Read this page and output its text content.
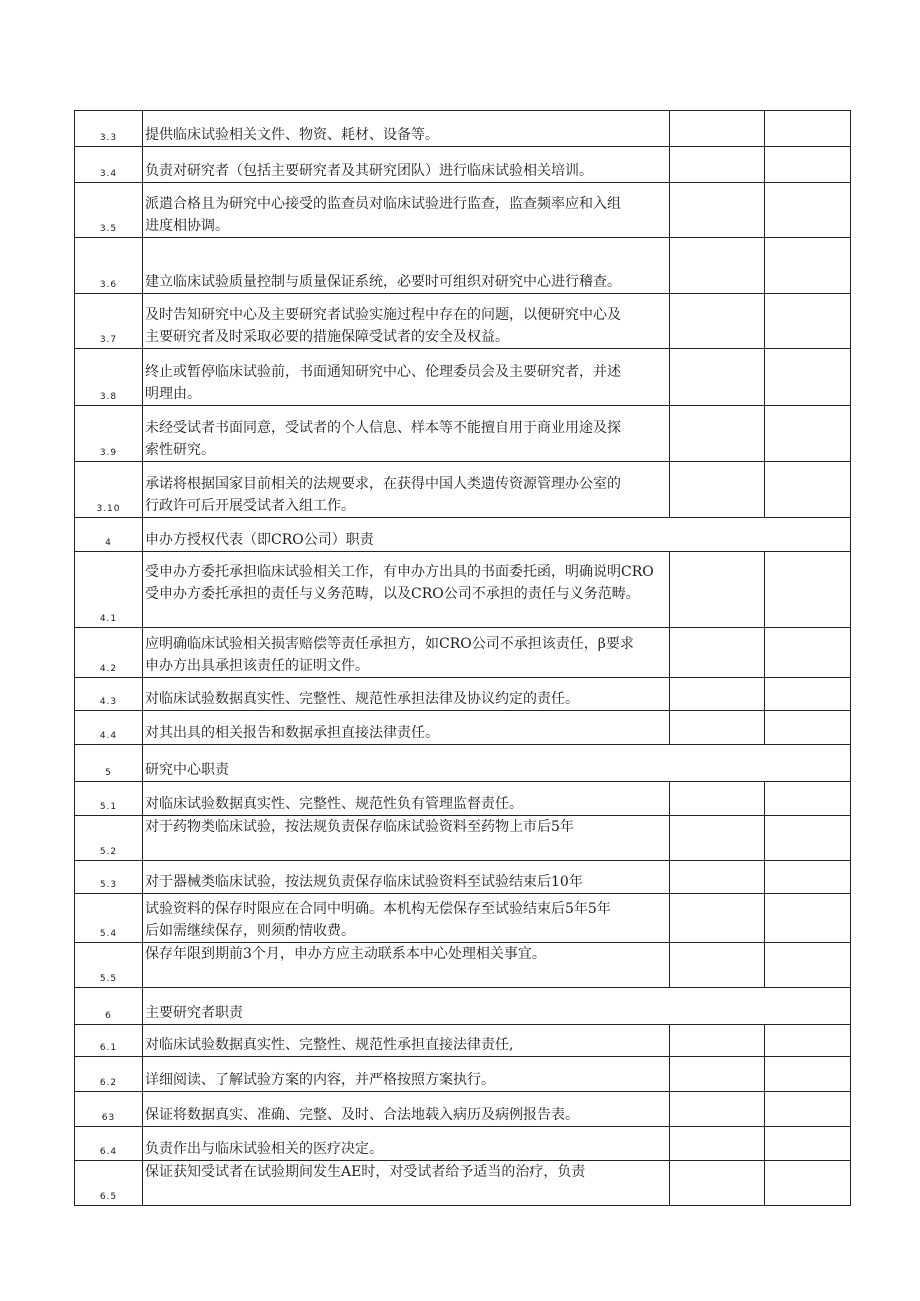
3.3	提供临床试验相关文件、物资、耗材、设备等。			

3.4	负责对研究者（包括主要研究者及其研究团队）进行临床试验相关培训。			

3.5	派遣合格且为研究中心接受的监查员对临床试验进行监查，监查频率应和入组
进度相协调。			

3.6	建立临床试验质量控制与质量保证系统，必要时可组织对研究中心进行稽查。			

3.7	及时告知研究中心及主要研究者试验实施过程中存在的问题，以便研究中心及
主要研究者及时采取必要的措施保障受试者的安全及权益。			

3.8	终止或暂停临床试验前，书面通知研究中心、伦理委员会及主要研究者，并述
明理由。			

3.9	未经受试者书面同意，受试者的个人信息、样本等不能擅自用于商业用途及探
索性研究。			

3.10	承诺将根据国家目前相关的法规要求，在获得中国人类遗传资源管理办公室的
行政许可后开展受试者入组工作。			

4	申办方授权代表（即CRO公司）职责			

4.1	受申办方委托承担临床试验相关工作，有申办方出具的书面委托函，明确说明CRO
受申办方委托承担的责任与义务范畴，以及CRO公司不承担的责任与义务范畴。			

4.2	应明确临床试验相关损害赔偿等责任承担方，如CRO公司不承担该责任，β要求
申办方出具承担该责任的证明文件。			

4.3	对临床试验数据真实性、完整性、规范性承担法律及协议约定的责任。			

4.4	对其出具的相关报告和数据承担直接法律责任。			

5	研究中心职责			

5.1	对临床试验数据真实性、完整性、规范性负有管理监督责任。			

5.2	对于药物类临床试验，按法规负责保存临床试验资料至药物上市后5年			

5.3	对于器械类临床试验，按法规负责保存临床试验资料至试验结束后10年			

5.4	试验资料的保存时限应在合同中明确。本机构无偿保存至试验结束后5年5年
后如需继续保存，则须酌情收费。			

5.5	保存年限到期前3个月，申办方应主动联系本中心处理相关事宜。			

6	主要研究者职责			

6.1	对临床试验数据真实性、完整性、规范性承担直接法律责任,			

6.2	详细阅读、了解试验方案的内容，并严格按照方案执行。			

63	保证将数据真实、准确、完整、及时、合法地载入病历及病例报告表。			

6.4	负责作出与临床试验相关的医疗决定。			

6.5	保证获知受试者在试验期间发生AE时，对受试者给予适当的治疗，负责			
